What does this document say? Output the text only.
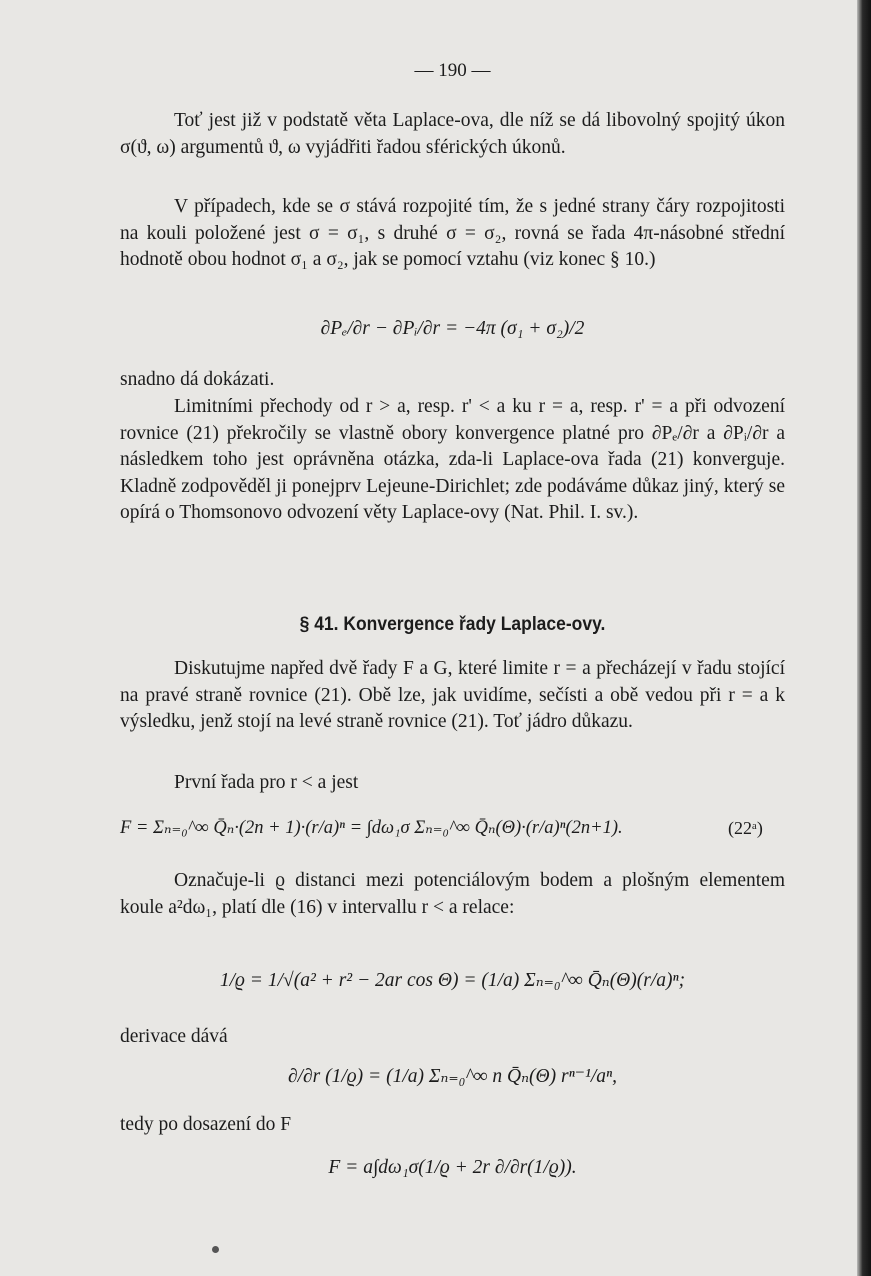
— 190 —

Toť jest již v podstatě věta Laplace-ova, dle níž se dá libovolný spojitý úkon σ(ϑ, ω) argumentů ϑ, ω vyjádřiti řadou sférických úkonů.

V případech, kde se σ stává rozpojité tím, že s jedné strany čáry rozpojitosti na kouli položené jest σ = σ₁, s druhé σ = σ₂, rovná se řada 4π-násobné střední hodnotě obou hodnot σ₁ a σ₂, jak se pomocí vztahu (viz konec § 10.)

∂Pₑ/∂r − ∂Pᵢ/∂r = −4π (σ₁ + σ₂)/2

snadno dá dokázati.

Limitními přechody od r > a, resp. r' < a ku r = a, resp. r' = a při odvození rovnice (21) překročily se vlastně obory konvergence platné pro ∂Pₑ/∂r a ∂Pᵢ/∂r a následkem toho jest oprávněna otázka, zda-li Laplace-ova řada (21) konverguje. Kladně zodpověděl ji ponejprv Lejeune-Dirichlet; zde podáváme důkaz jiný, který se opírá o Thomsonovo odvození věty Laplace-ovy (Nat. Phil. I. sv.).

§ 41. Konvergence řady Laplace-ovy.

Diskutujme napřed dvě řady F a G, které limite r = a přecházejí v řadu stojící na pravé straně rovnice (21). Obě lze, jak uvidíme, sečísti a obě vedou při r = a k výsledku, jenž stojí na levé straně rovnice (21). Toť jádro důkazu.

První řada pro r < a jest

F = Σₙ₌₀^∞ Q̄ₙ·(2n + 1)·(r/a)ⁿ = ∫dω₁σ Σₙ₌₀^∞ Q̄ₙ(Θ)·(r/a)ⁿ(2n+1).	(22ᵃ)

Označuje-li ϱ distanci mezi potenciálovým bodem a plošným elementem koule a²dω₁, platí dle (16) v intervallu r < a relace:

1/ϱ = 1/√(a² + r² − 2ar cos Θ) = (1/a) Σₙ₌₀^∞ Q̄ₙ(Θ)(r/a)ⁿ;

derivace dává

∂/∂r (1/ϱ) = (1/a) Σₙ₌₀^∞ n Q̄ₙ(Θ) rⁿ⁻¹/aⁿ,

tedy po dosazení do F

F = a∫dω₁σ(1/ϱ + 2r ∂/∂r(1/ϱ)).
